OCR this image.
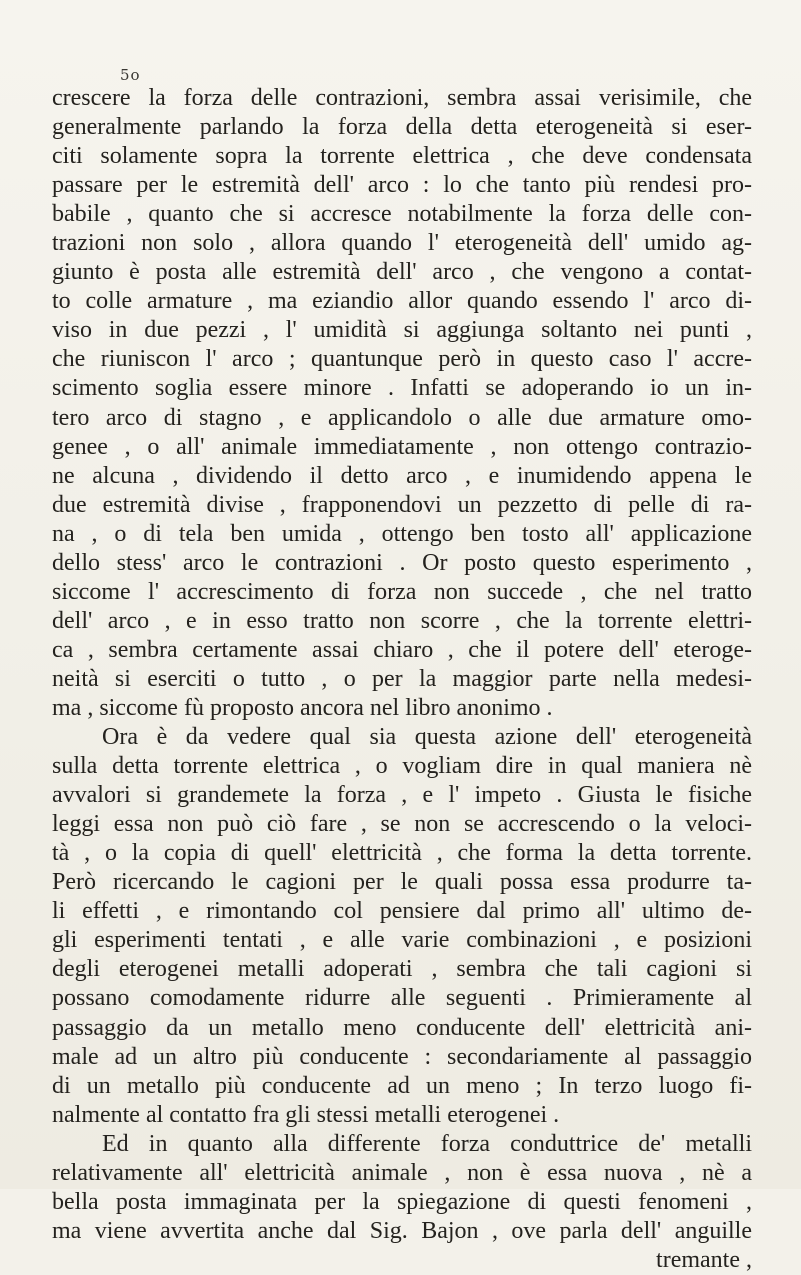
5o
crescere la forza delle contrazioni, sembra assai verisimile, che
generalmente parlando la forza della detta eterogeneità si eser-
citi solamente sopra la torrente elettrica , che deve condensata
passare per le estremità dell' arco : lo che tanto più rendesi pro-
babile , quanto che si accresce notabilmente la forza delle con-
trazioni non solo , allora quando l' eterogeneità dell' umido ag-
giunto è posta alle estremità dell' arco , che vengono a contat-
to colle armature , ma eziandio allor quando essendo l' arco di-
viso in due pezzi , l' umidità si aggiunga soltanto nei punti ,
che riuniscon l' arco ; quantunque però in questo caso l' accre-
scimento soglia essere minore . Infatti se adoperando io un in-
tero arco di stagno , e applicandolo o alle due armature omo-
genee , o all' animale immediatamente , non ottengo contrazio-
ne alcuna , dividendo il detto arco , e inumidendo appena le
due estremità divise , frapponendovi un pezzetto di pelle di ra-
na , o di tela ben umida , ottengo ben tosto all' applicazione
dello stess' arco le contrazioni . Or posto questo esperimento ,
siccome l' accrescimento di forza non succede , che nel tratto
dell' arco , e in esso tratto non scorre , che la torrente elettri-
ca , sembra certamente assai chiaro , che il potere dell' eteroge-
neità si eserciti o tutto , o per la maggior parte nella medesi-
ma , siccome fù proposto ancora nel libro anonimo .
Ora è da vedere qual sia questa azione dell' eterogeneità
sulla detta torrente elettrica , o vogliam dire in qual maniera nè
avvalori si grandemete la forza , e l' impeto . Giusta le fisiche
leggi essa non può ciò fare , se non se accrescendo o la veloci-
tà , o la copia di quell' elettricità , che forma la detta torrente.
Però ricercando le cagioni per le quali possa essa produrre ta-
li effetti , e rimontando col pensiere dal primo all' ultimo de-
gli esperimenti tentati , e alle varie combinazioni , e posizioni
degli eterogenei metalli adoperati , sembra che tali cagioni si
possano comodamente ridurre alle seguenti . Primieramente al
passaggio da un metallo meno conducente dell' elettricità ani-
male ad un altro più conducente : secondariamente al passaggio
di un metallo più conducente ad un meno ; In terzo luogo fi-
nalmente al contatto fra gli stessi metalli eterogenei .
Ed in quanto alla differente forza conduttrice de' metalli
relativamente all' elettricità animale , non è essa nuova , nè a
bella posta immaginata per la spiegazione di questi fenomeni ,
ma viene avvertita anche dal Sig. Bajon , ove parla dell' anguille
tremante ,
